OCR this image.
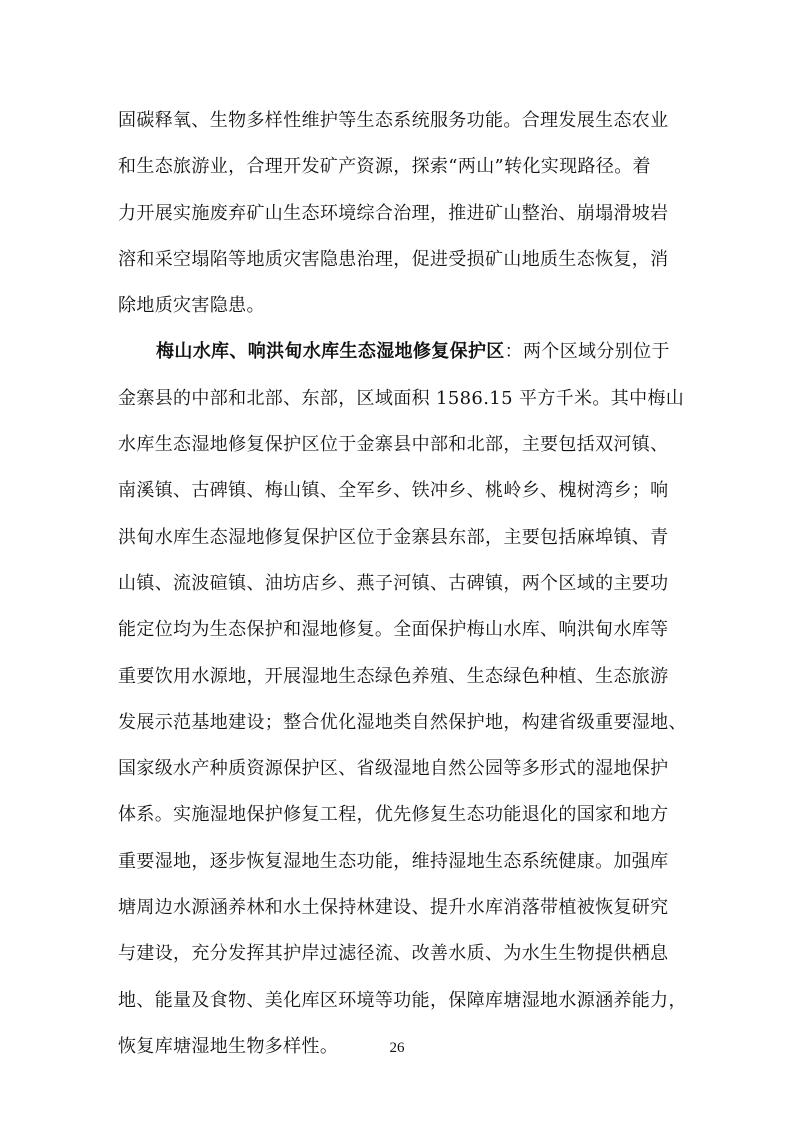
固碳释氧、生物多样性维护等生态系统服务功能。合理发展生态农业
和生态旅游业，合理开发矿产资源，探索“两山”转化实现路径。着
力开展实施废弃矿山生态环境综合治理，推进矿山整治、崩塌滑坡岩
溶和采空塌陷等地质灾害隐患治理，促进受损矿山地质生态恢复，消
除地质灾害隐患。
梅山水库、响洪甸水库生态湿地修复保护区：两个区域分别位于
金寨县的中部和北部、东部，区域面积 1586.15 平方千米。其中梅山
水库生态湿地修复保护区位于金寨县中部和北部，主要包括双河镇、
南溪镇、古碑镇、梅山镇、全军乡、铁冲乡、桃岭乡、槐树湾乡；响
洪甸水库生态湿地修复保护区位于金寨县东部，主要包括麻埠镇、青
山镇、流波碹镇、油坊店乡、燕子河镇、古碑镇，两个区域的主要功
能定位均为生态保护和湿地修复。全面保护梅山水库、响洪甸水库等
重要饮用水源地，开展湿地生态绿色养殖、生态绿色种植、生态旅游
发展示范基地建设；整合优化湿地类自然保护地，构建省级重要湿地、
国家级水产种质资源保护区、省级湿地自然公园等多形式的湿地保护
体系。实施湿地保护修复工程，优先修复生态功能退化的国家和地方
重要湿地，逐步恢复湿地生态功能，维持湿地生态系统健康。加强库
塘周边水源涵养林和水土保持林建设、提升水库消落带植被恢复研究
与建设，充分发挥其护岸过滤径流、改善水质、为水生生物提供栖息
地、能量及食物、美化库区环境等功能，保障库塘湿地水源涵养能力，
恢复库塘湿地生物多样性。	26
